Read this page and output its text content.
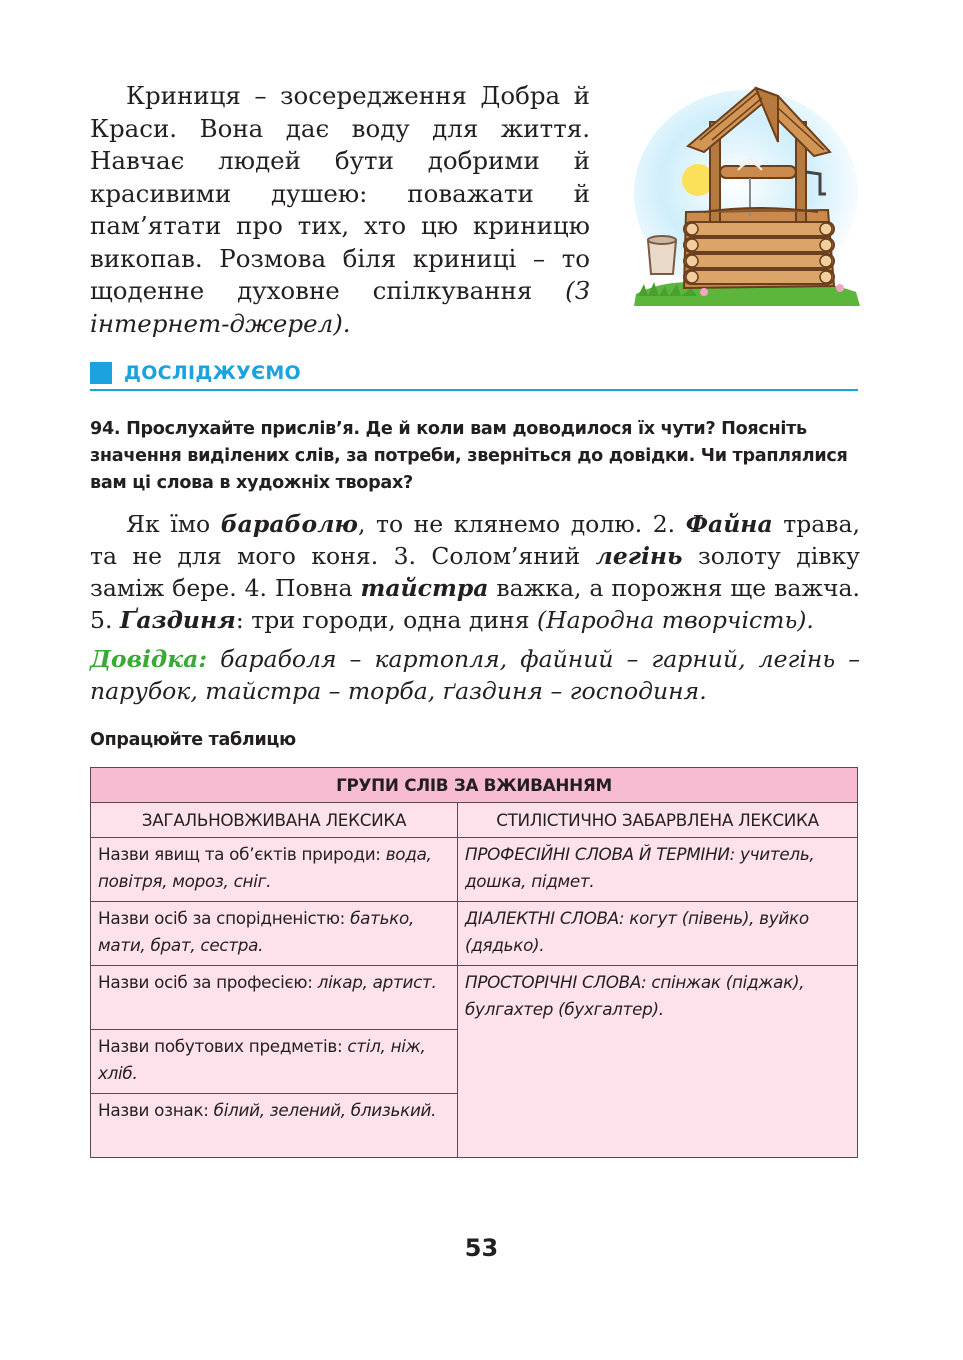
Криниця – зосередження Добра й Краси. Вона дає воду для життя. Навчає людей бути добрими й красивими душею: поважати й пам’ятати про тих, хто цю криницю викопав. Розмова біля криниці – то щоденне духовне спілкування (З інтернет-джерел).

ДОСЛІДЖУЄМО

94. Прослухайте прислів’я. Де й коли вам доводилося їх чути? Поясніть значення виділених слів, за потреби, зверніться до довідки. Чи траплялися вам ці слова в художніх творах?

Як їмо бараболю, то не клянемо долю. 2. Файна трава, та не для мого коня. 3. Солом’яний легінь золоту дівку заміж бере. 4. Повна тайстра важка, а порожня ще важча. 5. Ґаздиня: три городи, одна диня (Народна творчість).

Довідка: бараболя – картопля, файний – гарний, легінь – парубок, тайстра – торба, ґаздиня – господиня.

Опрацюйте таблицю
ГРУПИ СЛІВ ЗА ВЖИВАННЯМ	
ЗАГАЛЬНОВЖИВАНА ЛЕКСИКА	СТИЛІСТИЧНО ЗАБАРВЛЕНА ЛЕКСИКА
Назви явищ та об’єктів природи: вода, повітря, мороз, сніг.	ПРОФЕСІЙНІ СЛОВА Й ТЕРМІНИ: учитель, дошка, підмет.
Назви осіб за спорідненістю: батько, мати, брат, сестра.	ДІАЛЕКТНІ СЛОВА: когут (півень), вуйко (дядько).
Назви осіб за професією: лікар, артист.	ПРОСТОРІЧНІ СЛОВА: спінжак (піджак), булгахтер (бухгалтер).
Назви побутових предметів: стіл, ніж, хліб.	
Назви ознак: білий, зелений, близький.	
53
